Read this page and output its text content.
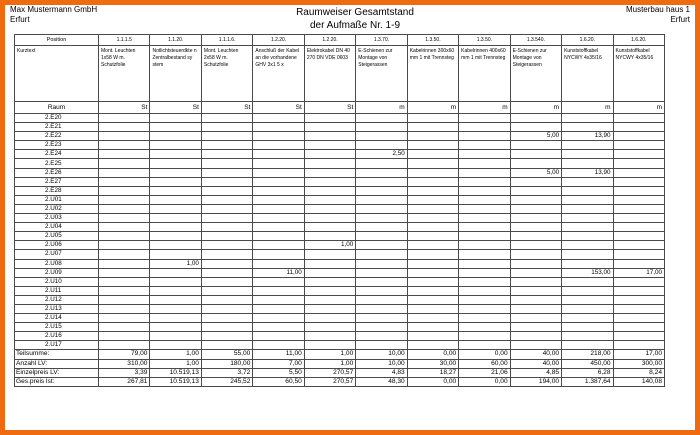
Max Mustermann GmbH
Erfurt
Musterbau haus 1
Erfurt
Raumweiser Gesamtstand
der Aufmaße Nr. 1-9
Position	1.1.1.5	1.1.20.	1.1.1.6.	1.2.20.	1.2.20.	1.3.70.	1.3.50.	1.3.50.	1.3.540.	1.6.20.	1.6.20.
Kurztext	Mont. Leuchten 1x58 W m. Schutzfolie	Notlichtsteuerdkte n Zentralbestand sy stem	Mont. Leuchten 2x58 W m. Schutzfolie	Anschluß der Kabel an die vorhandene GHV 3x1 5 x	Elektrokabel DN 40 270 DN VDE 0603	E-Schienen zur Montage von Steigerassen	Kabelrinnen 300x60 mm 1 mit Trennsteg	Kabelrinnen 400x60 mm 1 mit Trennsteg	E-Schienen zur Montage von Steigerassen	Kunststoffkabel NYCWY 4x35/16	Kunststoffkabel NYCWY 4x35/16
Raum	St	St	St	St	St	m	m	m	m	m	m
2.E20											
2.E21											
2.E22									5,00	13,90	
2.E23											
2.E24						2,50					
2.E25											
2.E26									5,00	13,90	
2.E27											
2.E28											
2.U01											
2.U02											
2.U03											
2.U04											
2.U05											
2.U06					1,00						
2.U07											
2.U08		1,00									
2.U09				11,00						153,00	17,00
2.U10											
2.U11											
2.U12											
2.U13											
2.U14											
2.U15											
2.U16											
2.U17											
Teilsumme:	79,00	1,00	55,00	11,00	1,00	10,00	0,00	0,00	40,00	218,00	17,00
Anzahl LV:	310,00	1,00	180,00	7,00	1,00	10,00	30,00	60,00	40,00	450,00	300,00
Einzelpreis LV:	3,39	10.519,13	3,72	5,50	270,57	4,83	18,27	21,06	4,85	6,28	8,24
Ges.preis lst:	267,81	10.519,13	245,52	60,50	270,57	48,30	0,00	0,00	194,00	1.387,64	140,08
